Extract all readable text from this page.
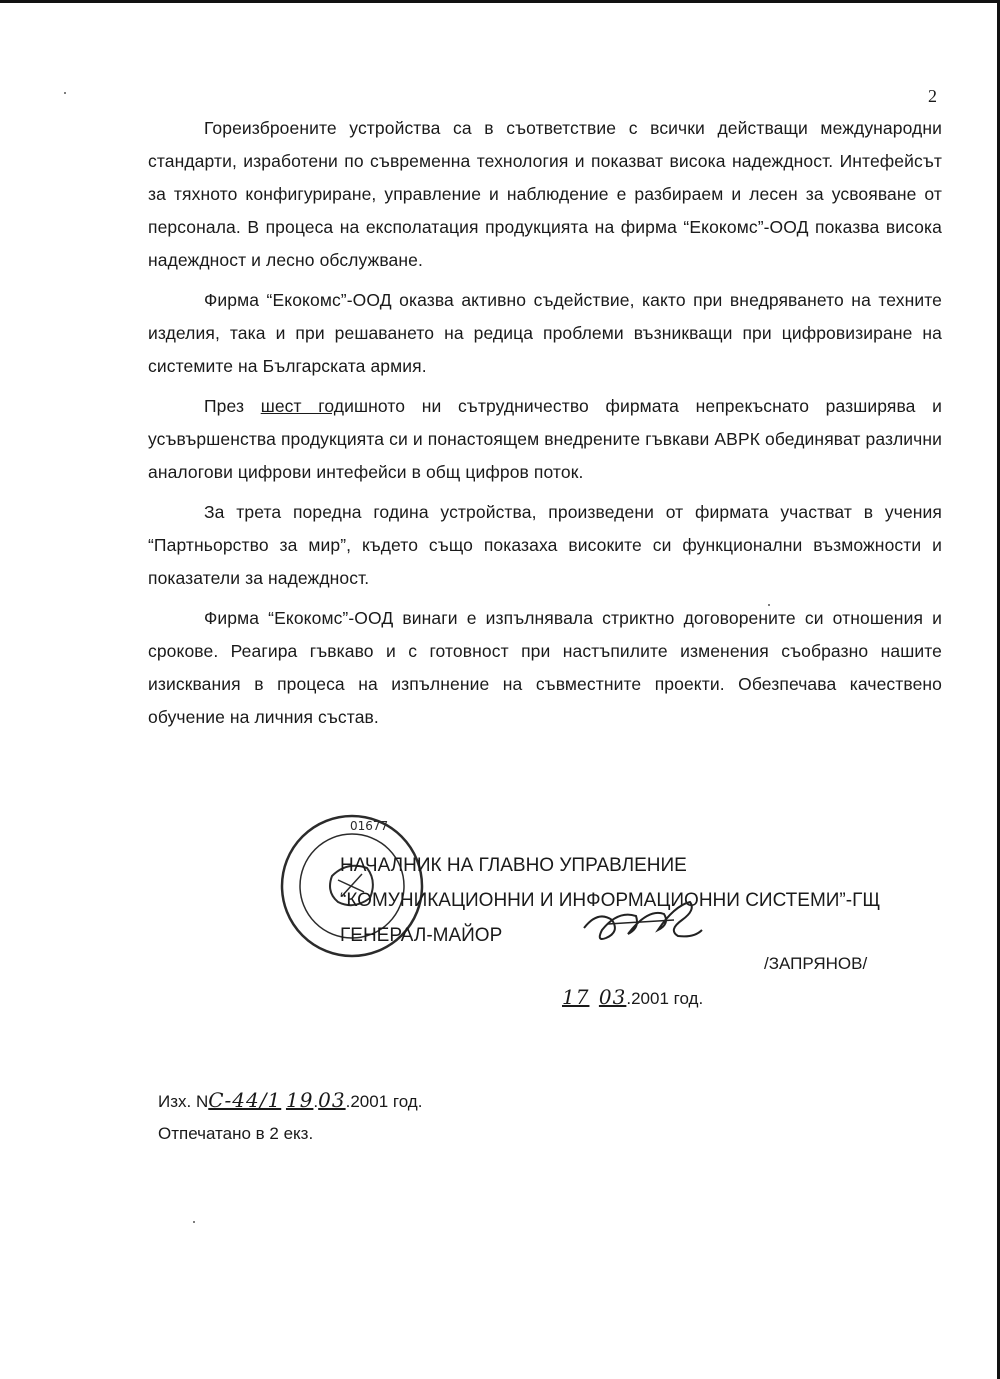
2

Гореизброените устройства са в съответствие с всички действащи международни стандарти, изработени по съвременна технология и показват висока надеждност. Интефейсът за тяхното конфигуриране, управление и наблюдение е разбираем и лесен за усвояване от персонала. В процеса на експолатация продукцията на фирма “Екокомс”-ООД показва висока надеждност и лесно обслужване.

Фирма “Екокомс”-ООД оказва активно съдействие, както при внедряването на техните изделия, така и при решаването на редица проблеми възникващи при цифровизиране на системите на Българската армия.

През шест годишното ни сътрудничество фирмата непрекъснато разширява и усъвършенства продукцията си и понастоящем внедрените гъвкави АВРК обединяват различни аналогови цифрови интефейси в общ цифров поток.

За трета поредна година устройства, произведени от фирмата участват в учения “Партньорство за мир”, където също показаха високите си функционални възможности и показатели за надеждност.

Фирма “Екокомс”-ООД винаги е изпълнявала стриктно договорените си отношения и срокове. Реагира гъвкаво и с готовност при настъпилите изменения съобразно нашите изисквания в процеса на изпълнение на съвместните проекти. Обезпечава качествено обучение на личния състав.

01677
НАЧАЛНИК НА ГЛАВНО УПРАВЛЕНИЕ
“КОМУНИКАЦИОННИ И ИНФОРМАЦИОННИ СИСТЕМИ”-ГЩ
ГЕНЕРАЛ-МАЙОР
/ЗАПРЯНОВ/
17 03.2001 год.
Изх. NС-44/1 19.03.2001 год.
Отпечатано в 2 екз.
